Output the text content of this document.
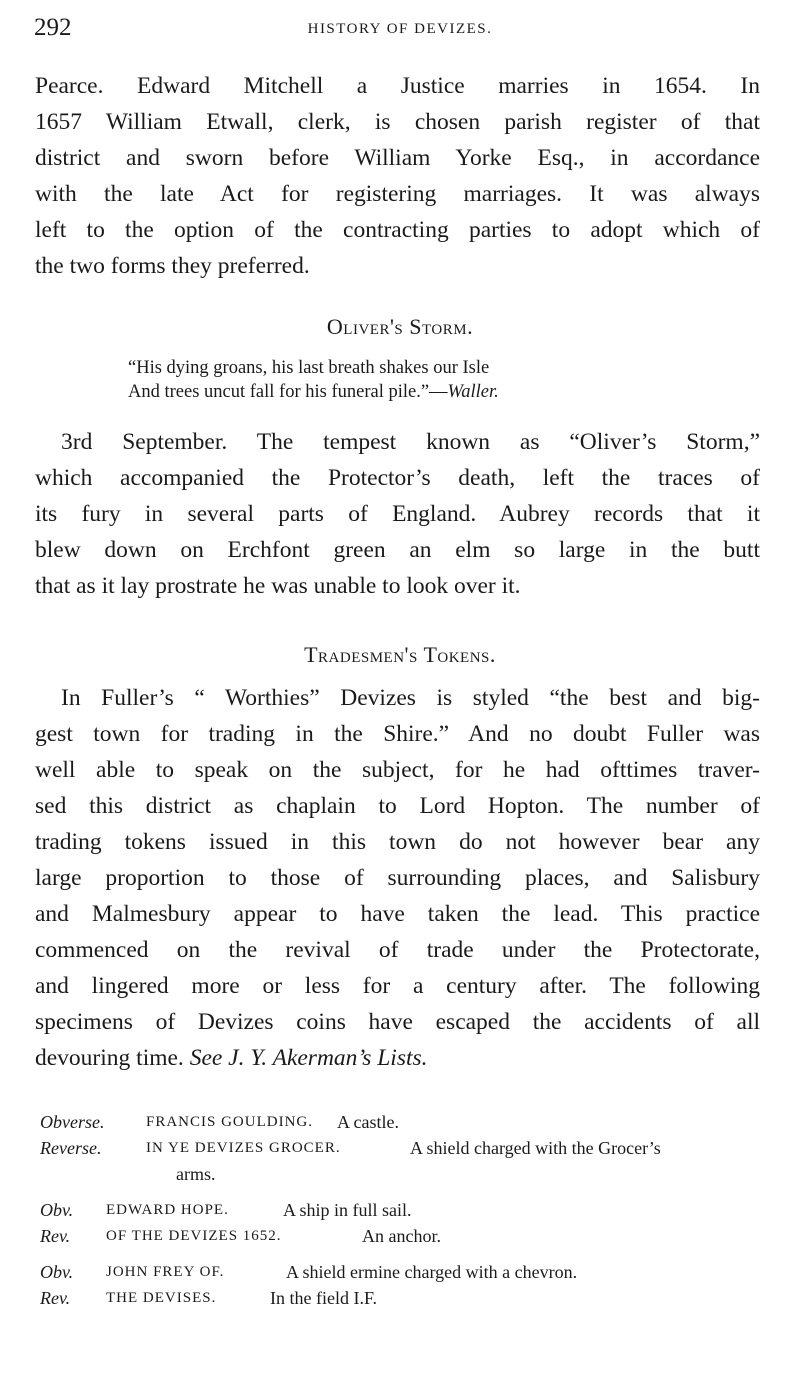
292	HISTORY OF DEVIZES.
Pearce. Edward Mitchell a Justice marries in 1654. In
1657 William Etwall, clerk, is chosen parish register of that
district and sworn before William Yorke Esq., in accordance
with the late Act for registering marriages. It was always
left to the option of the contracting parties to adopt which of
the two forms they preferred.
Oliver's Storm.
“His dying groans, his last breath shakes our Isle
And trees uncut fall for his funeral pile.”—Waller.
3rd September. The tempest known as “Oliver’s Storm,”
which accompanied the Protector’s death, left the traces of
its fury in several parts of England. Aubrey records that it
blew down on Erchfont green an elm so large in the butt
that as it lay prostrate he was unable to look over it.
Tradesmen's Tokens.
In Fuller’s “ Worthies” Devizes is styled “the best and big-
gest town for trading in the Shire.” And no doubt Fuller was
well able to speak on the subject, for he had ofttimes traver-
sed this district as chaplain to Lord Hopton. The number of
trading tokens issued in this town do not however bear any
large proportion to those of surrounding places, and Salisbury
and Malmesbury appear to have taken the lead. This practice
commenced on the revival of trade under the Protectorate,
and lingered more or less for a century after. The following
specimens of Devizes coins have escaped the accidents of all
devouring time. See J. Y. Akerman’s Lists.
Obverse.	FRANCIS GOULDING. A castle.
Reverse.	IN YE DEVIZES GROCER.	A shield charged with the Grocer’s
arms.
Obv. EDWARD HOPE.	A ship in full sail.
Rev. OF THE DEVIZES 1652.	An anchor.
Obv. JOHN FREY OF.	A shield ermine charged with a chevron.
Rev. THE DEVISES.	In the field I.F.
